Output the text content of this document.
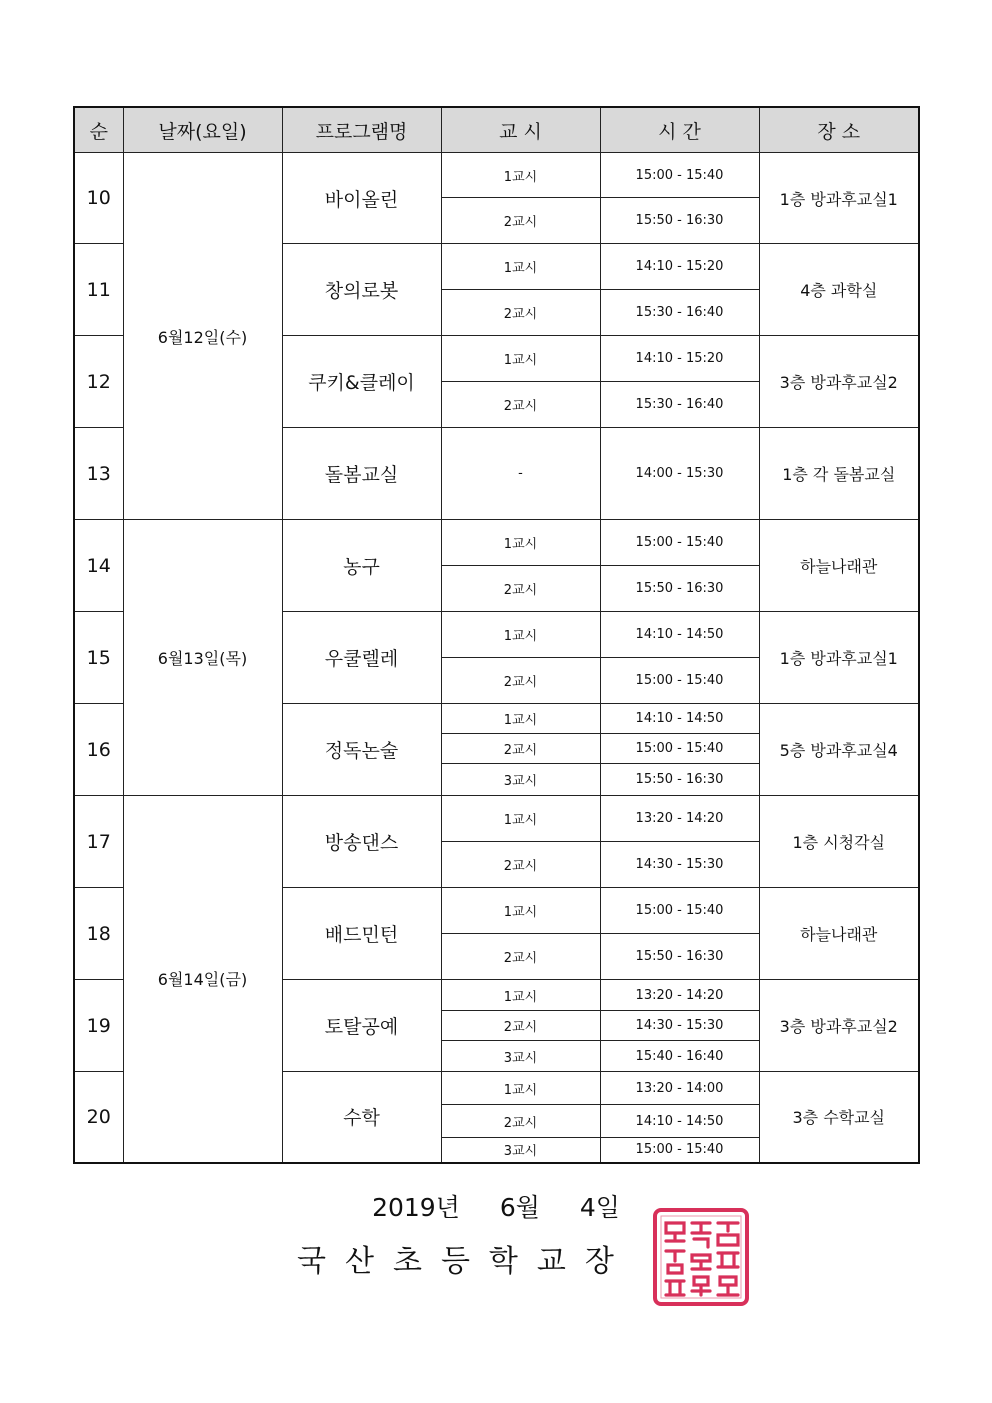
순	날짜(요일)	프로그램명	교 시	시 간	장 소
10	6월12일(수)	바이올린	1교시	15:00 - 15:40	1층 방과후교실1
			2교시	15:50 - 16:30	
11		창의로봇	1교시	14:10 - 15:20	4층 과학실
			2교시	15:30 - 16:40	
12		쿠키&클레이	1교시	14:10 - 15:20	3층 방과후교실2
			2교시	15:30 - 16:40	
13		돌봄교실	-	14:00 - 15:30	1층 각 돌봄교실
14	6월13일(목)	농구	1교시	15:00 - 15:40	하늘나래관
			2교시	15:50 - 16:30	
15		우쿨렐레	1교시	14:10 - 14:50	1층 방과후교실1
			2교시	15:00 - 15:40	
16		정독논술	1교시	14:10 - 14:50	5층 방과후교실4
			2교시	15:00 - 15:40	
			3교시	15:50 - 16:30	
17	6월14일(금)	방송댄스	1교시	13:20 - 14:20	1층 시청각실
			2교시	14:30 - 15:30	
18		배드민턴	1교시	15:00 - 15:40	하늘나래관
			2교시	15:50 - 16:30	
19		토탈공예	1교시	13:20 - 14:20	3층 방과후교실2
			2교시	14:30 - 15:30	
			3교시	15:40 - 16:40	
20		수학	1교시	13:20 - 14:00	3층 수학교실
			2교시	14:10 - 14:50	
			3교시	15:00 - 15:40	
2019년 6월 4일
국산초등학교장
